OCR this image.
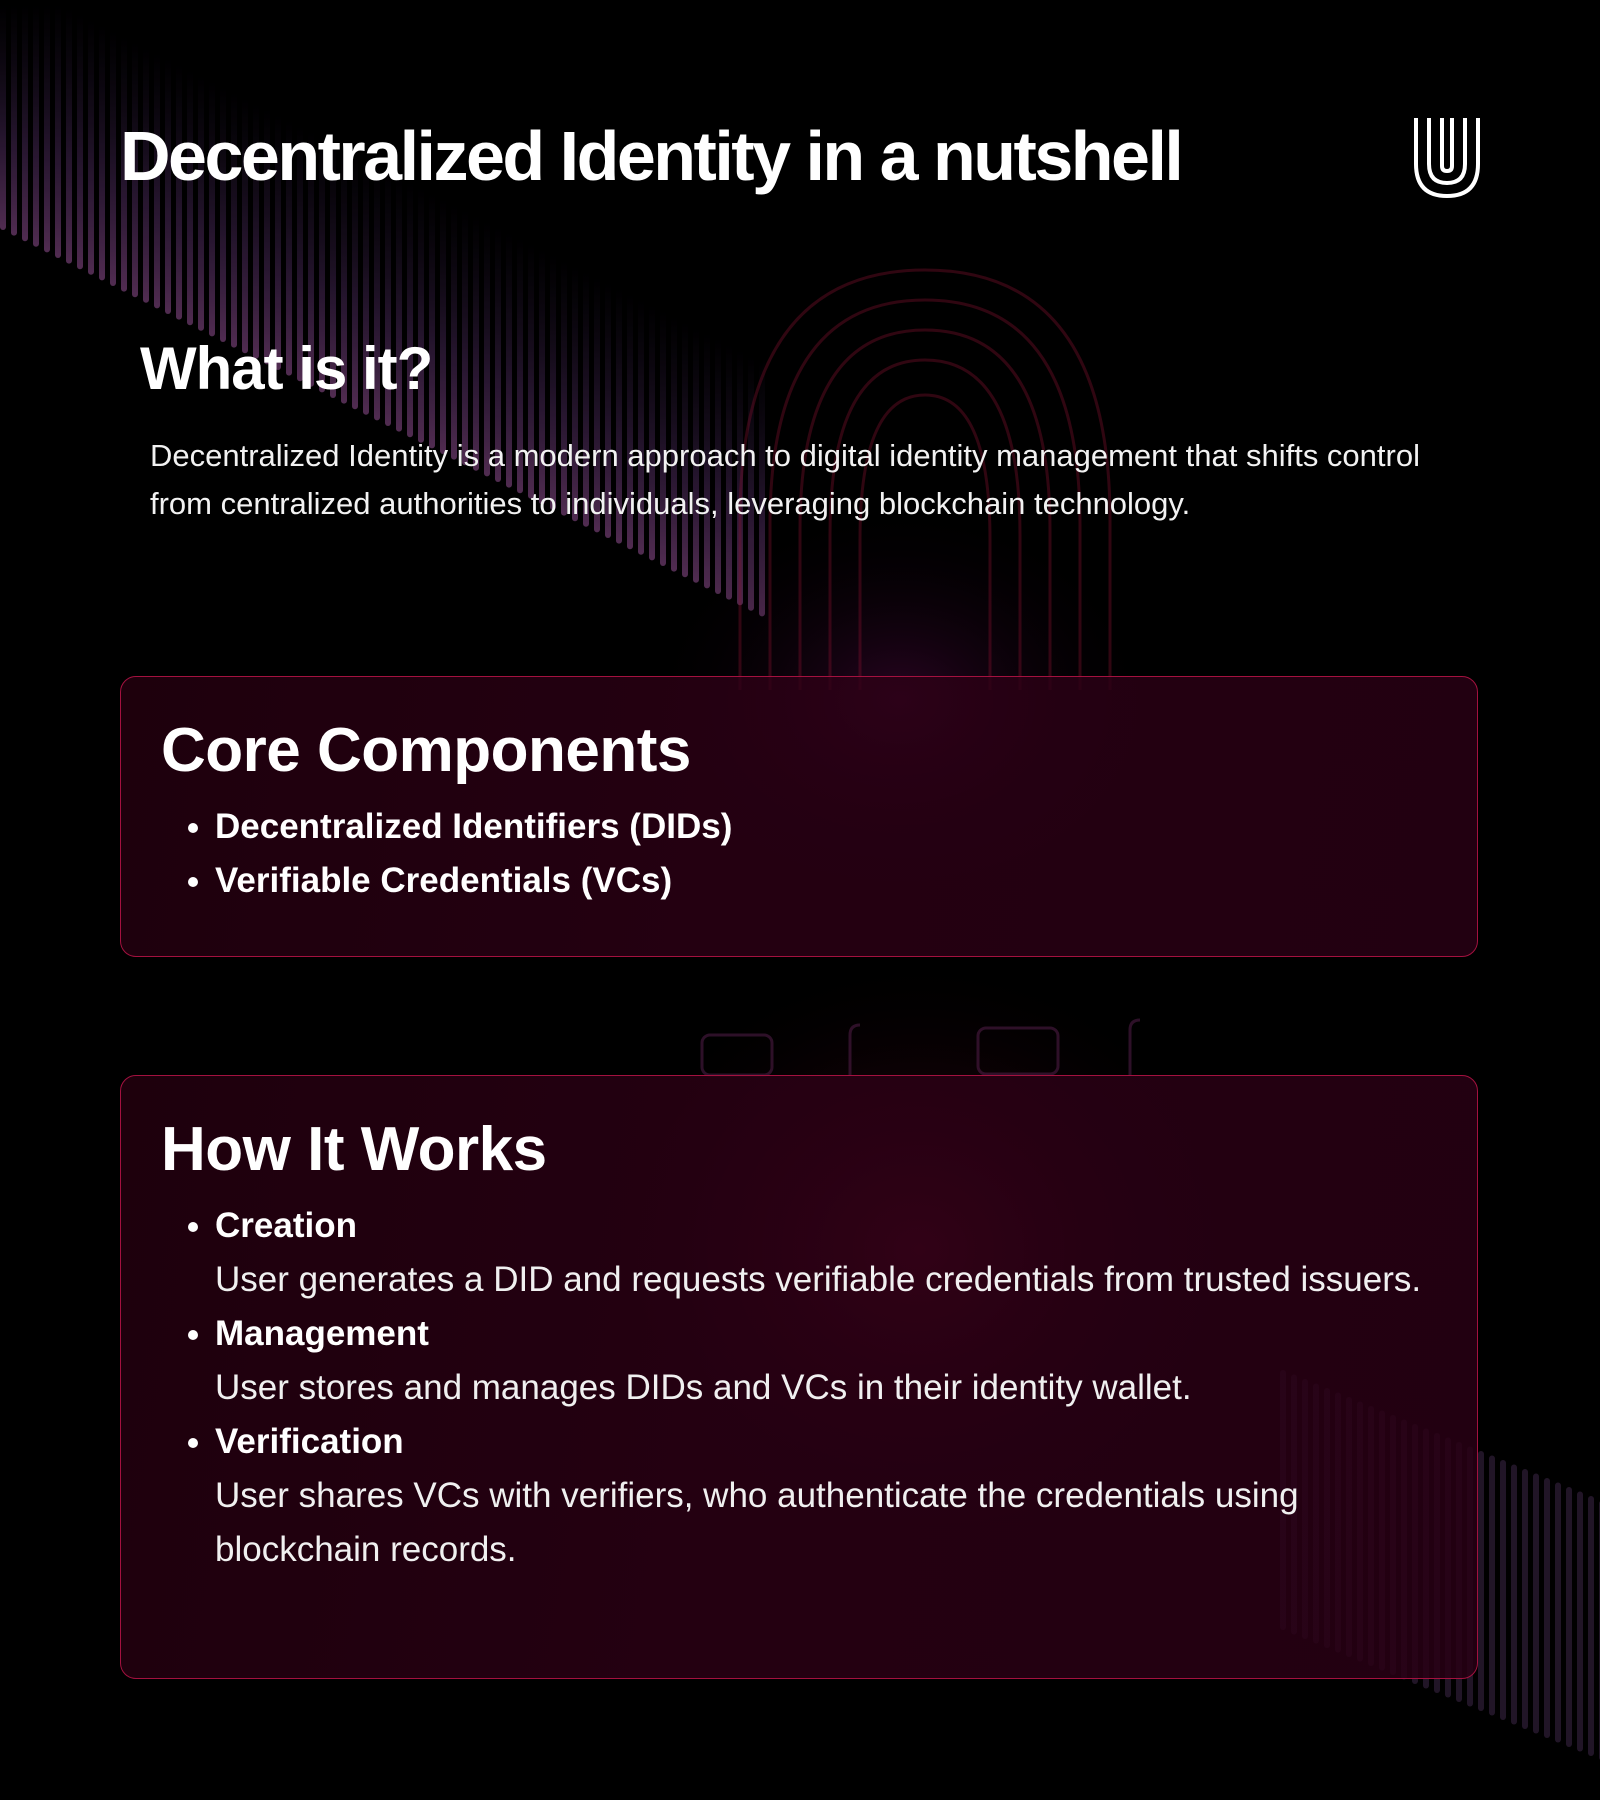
Decentralized Identity in a nutshell
What is it?

Decentralized Identity is a modern approach to digital identity management that shifts control from centralized authorities to individuals, leveraging blockchain technology.

Core Components
• Decentralized Identifiers (DIDs)
• Verifiable Credentials (VCs)
How It Works
• Creation
User generates a DID and requests verifiable credentials from trusted issuers.
• Management
User stores and manages DIDs and VCs in their identity wallet.
• Verification
User shares VCs with verifiers, who authenticate the credentials using blockchain records.
